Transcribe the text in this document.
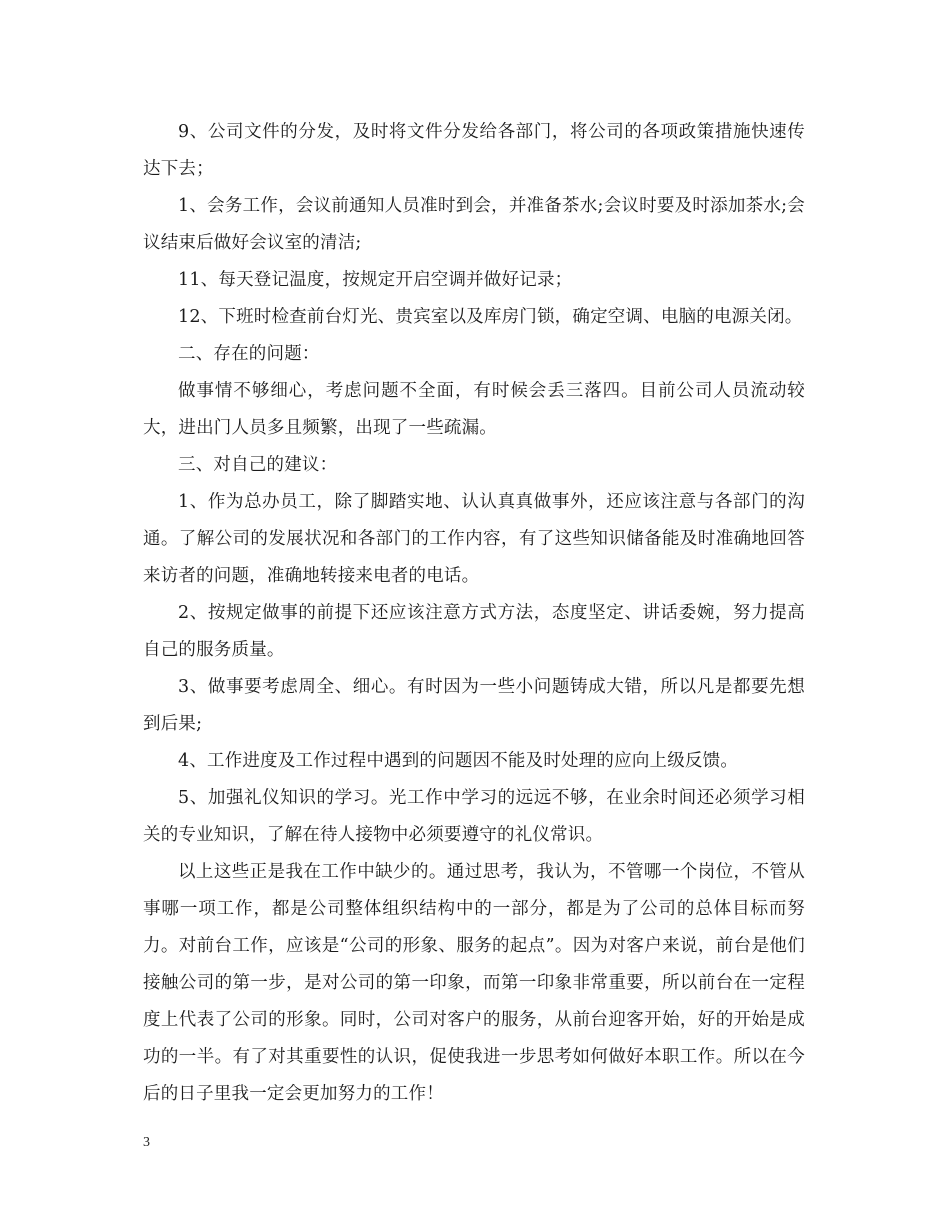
9、公司文件的分发，及时将文件分发给各部门，将公司的各项政策措施快速传达下去；

1、会务工作，会议前通知人员准时到会，并准备茶水;会议时要及时添加茶水;会议结束后做好会议室的清洁;

11、每天登记温度，按规定开启空调并做好记录；

12、下班时检查前台灯光、贵宾室以及库房门锁，确定空调、电脑的电源关闭。

二、存在的问题：

做事情不够细心，考虑问题不全面，有时候会丢三落四。目前公司人员流动较大，进出门人员多且频繁，出现了一些疏漏。

三、对自己的建议：

1、作为总办员工，除了脚踏实地、认认真真做事外，还应该注意与各部门的沟通。了解公司的发展状况和各部门的工作内容，有了这些知识储备能及时准确地回答来访者的问题，准确地转接来电者的电话。

2、按规定做事的前提下还应该注意方式方法，态度坚定、讲话委婉，努力提高自己的服务质量。

3、做事要考虑周全、细心。有时因为一些小问题铸成大错，所以凡是都要先想到后果;

4、工作进度及工作过程中遇到的问题因不能及时处理的应向上级反馈。

5、加强礼仪知识的学习。光工作中学习的远远不够，在业余时间还必须学习相关的专业知识，了解在待人接物中必须要遵守的礼仪常识。

以上这些正是我在工作中缺少的。通过思考，我认为，不管哪一个岗位，不管从事哪一项工作，都是公司整体组织结构中的一部分，都是为了公司的总体目标而努力。对前台工作，应该是“公司的形象、服务的起点”。因为对客户来说，前台是他们接触公司的第一步，是对公司的第一印象，而第一印象非常重要，所以前台在一定程度上代表了公司的形象。同时，公司对客户的服务，从前台迎客开始，好的开始是成功的一半。有了对其重要性的认识，促使我进一步思考如何做好本职工作。所以在今后的日子里我一定会更加努力的工作！

3
